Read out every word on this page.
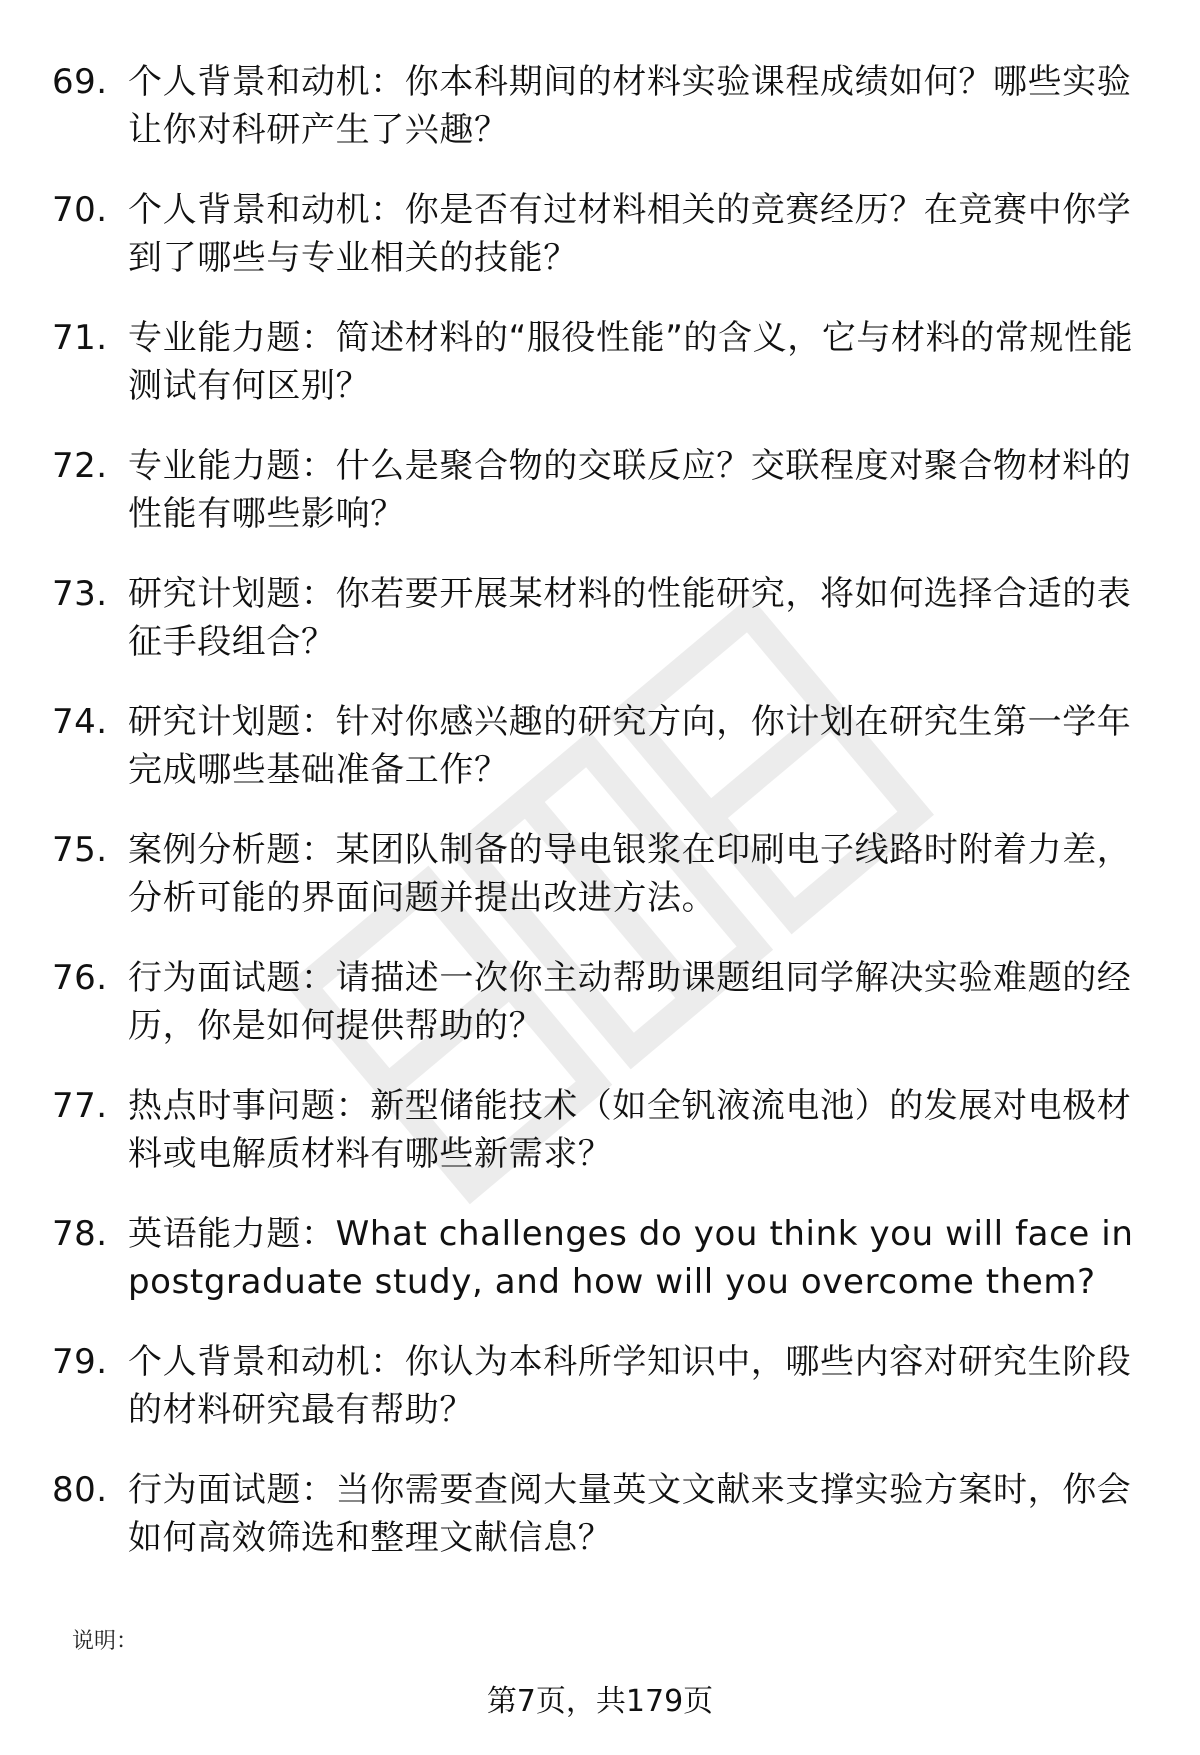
69. 个人背景和动机：你本科期间的材料实验课程成绩如何？哪些实验让你对科研产生了兴趣？
70. 个人背景和动机：你是否有过材料相关的竞赛经历？在竞赛中你学到了哪些与专业相关的技能？
71. 专业能力题：简述材料的“服役性能”的含义，它与材料的常规性能测试有何区别？
72. 专业能力题：什么是聚合物的交联反应？交联程度对聚合物材料的性能有哪些影响？
73. 研究计划题：你若要开展某材料的性能研究，将如何选择合适的表征手段组合？
74. 研究计划题：针对你感兴趣的研究方向，你计划在研究生第一学年完成哪些基础准备工作？
75. 案例分析题：某团队制备的导电银浆在印刷电子线路时附着力差，分析可能的界面问题并提出改进方法。
76. 行为面试题：请描述一次你主动帮助课题组同学解决实验难题的经历，你是如何提供帮助的？
77. 热点时事问题：新型储能技术（如全钒液流电池）的发展对电极材料或电解质材料有哪些新需求？
78. 英语能力题：What challenges do you think you will face in postgraduate study, and how will you overcome them?
79. 个人背景和动机：你认为本科所学知识中，哪些内容对研究生阶段的材料研究最有帮助？
80. 行为面试题：当你需要查阅大量英文文献来支撑实验方案时，你会如何高效筛选和整理文献信息？
说明：
第7页，共179页
